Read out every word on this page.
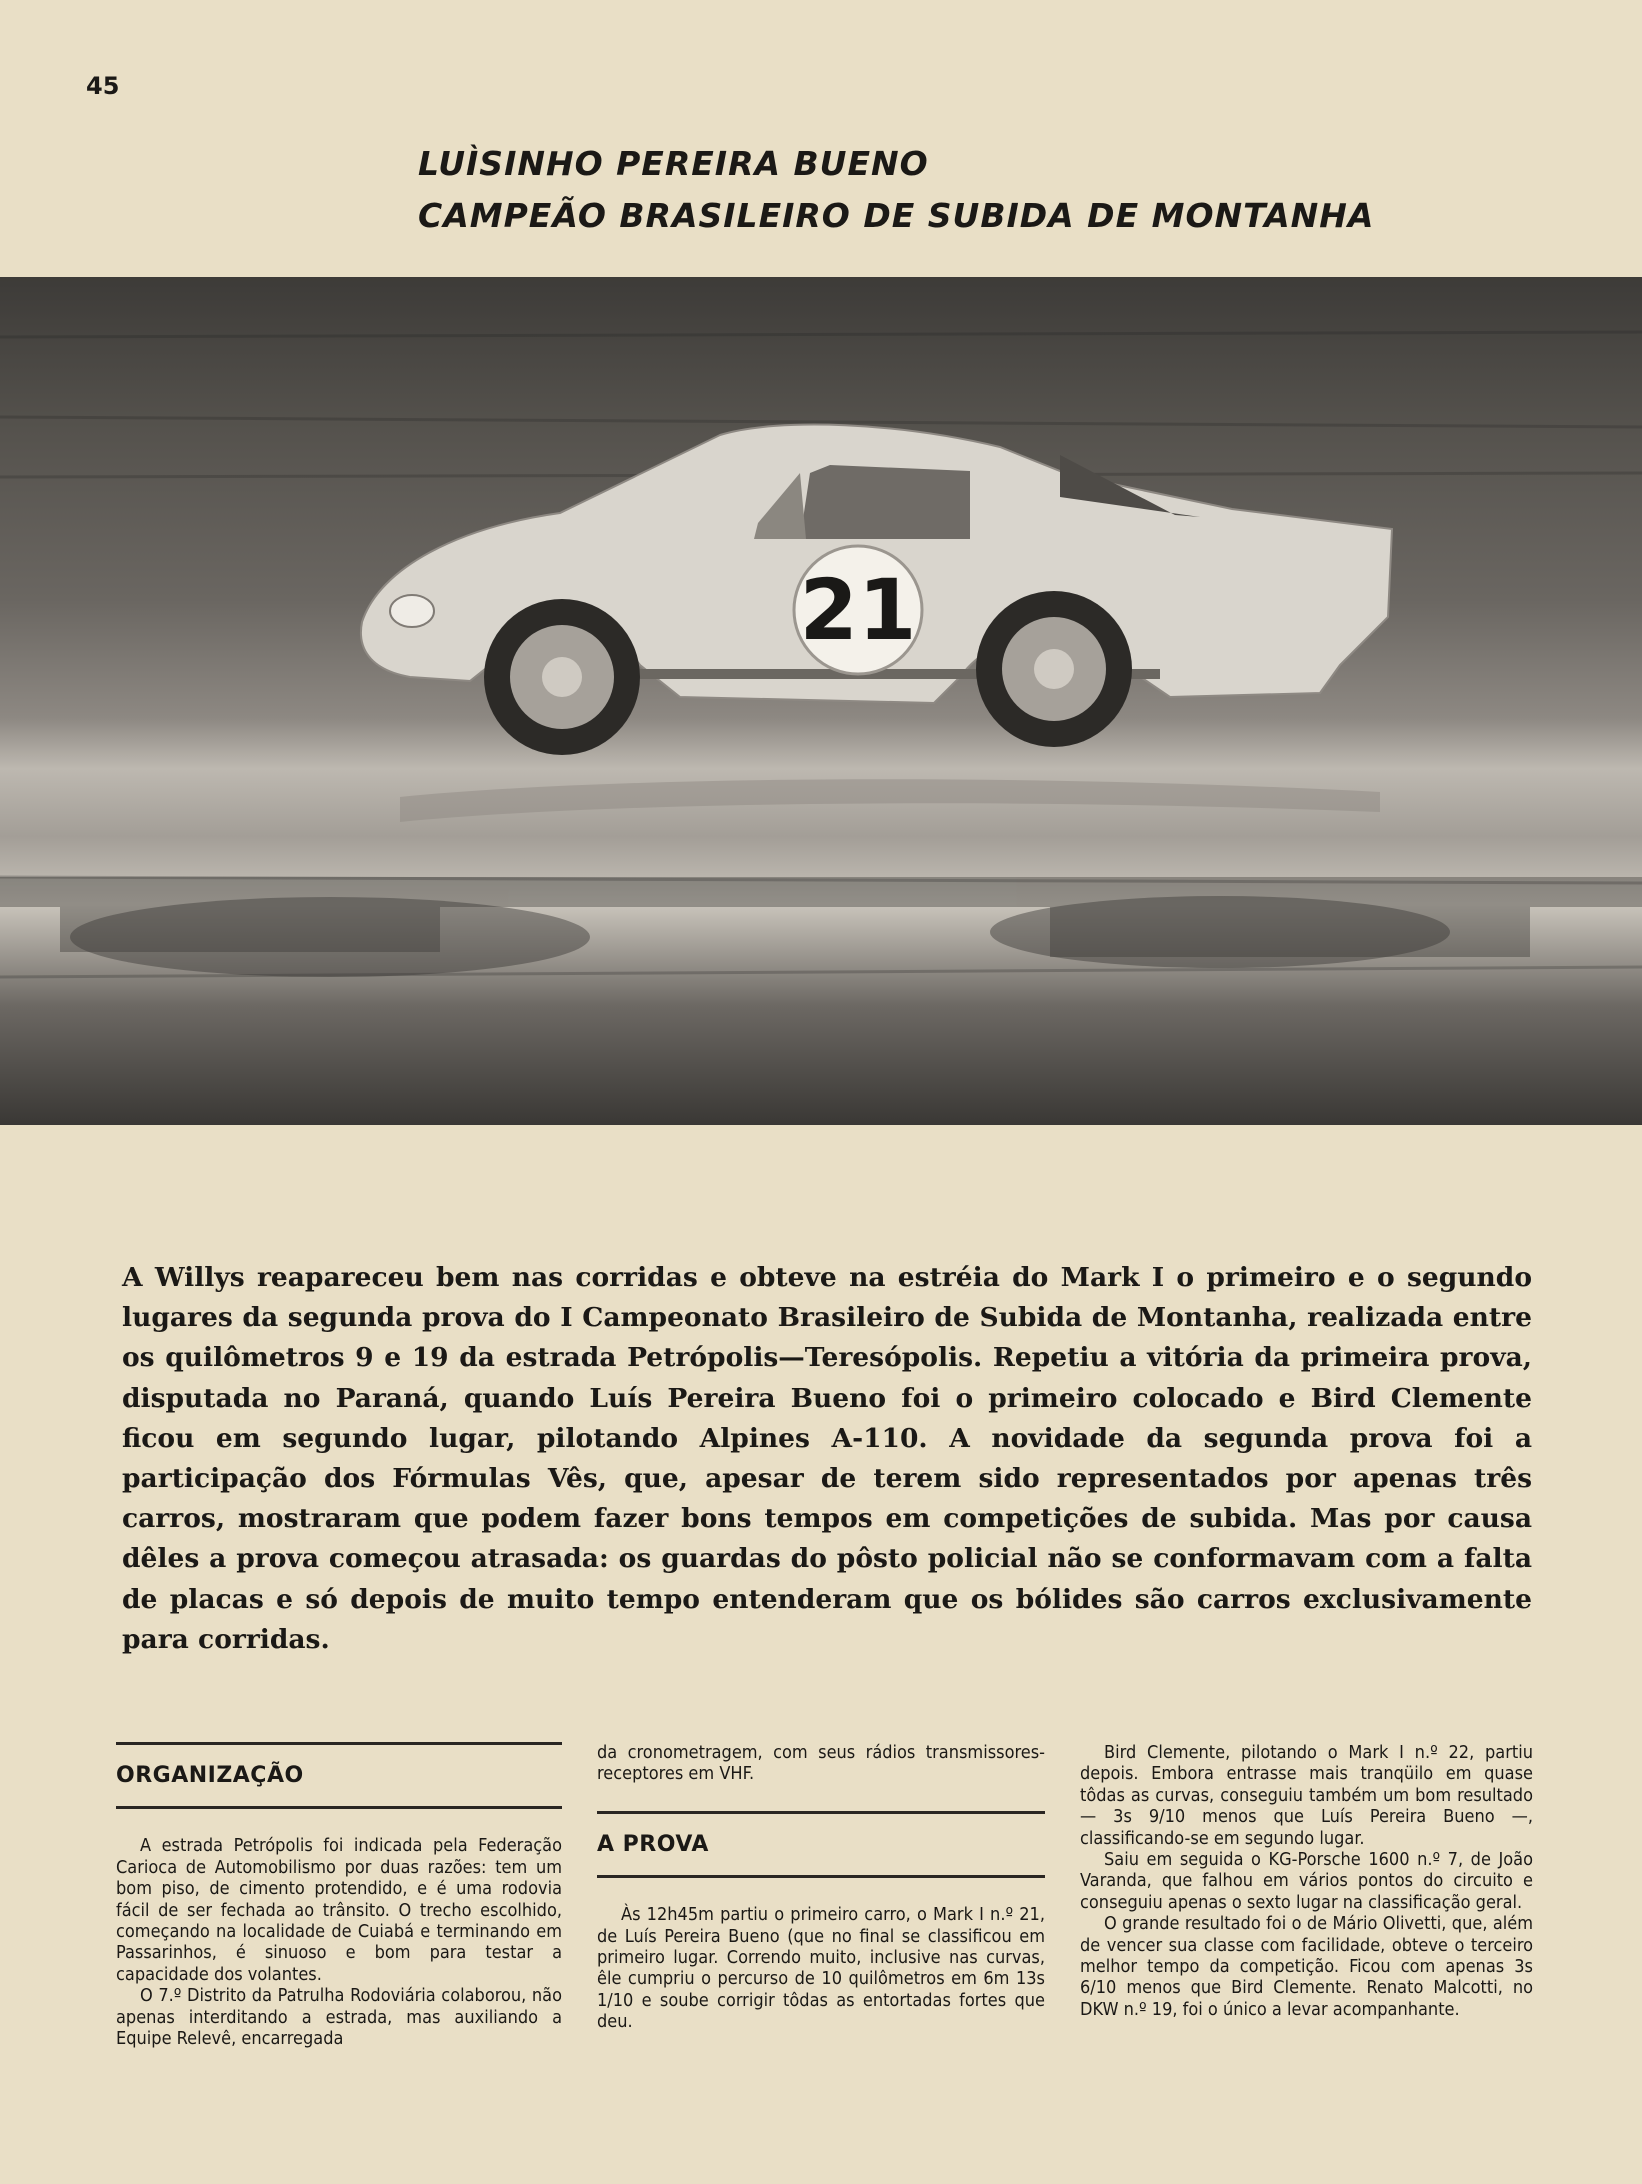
45
LUÌSINHO PEREIRA BUENO
CAMPEÃO BRASILEIRO DE SUBIDA DE MONTANHA
21
A Willys reapareceu bem nas corridas e obteve na estréia do Mark I o primeiro e o segundo lugares da segunda prova do I Campeonato Brasileiro de Subida de Montanha, realizada entre os quilômetros 9 e 19 da estrada Petrópolis—Teresópolis. Repetiu a vitória da primeira prova, disputada no Paraná, quando Luís Pereira Bueno foi o primeiro colocado e Bird Clemente ficou em segundo lugar, pilotando Alpines A-110. A novidade da segunda prova foi a participação dos Fórmulas Vês, que, apesar de terem sido representados por apenas três carros, mostraram que podem fazer bons tempos em competições de subida. Mas por causa dêles a prova começou atrasada: os guardas do pôsto policial não se conformavam com a falta de placas e só depois de muito tempo entenderam que os bólides são carros exclusivamente para corridas.
ORGANIZAÇÃO

A estrada Petrópolis foi indicada pela Federação Carioca de Automobilismo por duas razões: tem um bom piso, de cimento protendido, e é uma rodovia fácil de ser fechada ao trânsito. O trecho escolhido, começando na localidade de Cuiabá e terminando em Passarinhos, é sinuoso e bom para testar a capacidade dos volantes.

O 7.º Distrito da Patrulha Rodoviária colaborou, não apenas interditando a estrada, mas auxiliando a Equipe Relevê, encarregada

da cronometragem, com seus rádios transmissores-receptores em VHF.

A PROVA

Às 12h45m partiu o primeiro carro, o Mark I n.º 21, de Luís Pereira Bueno (que no final se classificou em primeiro lugar. Correndo muito, inclusive nas curvas, êle cumpriu o percurso de 10 quilômetros em 6m 13s 1/10 e soube corrigir tôdas as entortadas fortes que deu.

Bird Clemente, pilotando o Mark I n.º 22, partiu depois. Embora entrasse mais tranqüilo em quase tôdas as curvas, conseguiu também um bom resultado — 3s 9/10 menos que Luís Pereira Bueno —, classificando-se em segundo lugar.

Saiu em seguida o KG-Porsche 1600 n.º 7, de João Varanda, que falhou em vários pontos do circuito e conseguiu apenas o sexto lugar na classificação geral.

O grande resultado foi o de Mário Olivetti, que, além de vencer sua classe com facilidade, obteve o terceiro melhor tempo da competição. Ficou com apenas 3s 6/10 menos que Bird Clemente. Renato Malcotti, no DKW n.º 19, foi o único a levar acompanhante.
